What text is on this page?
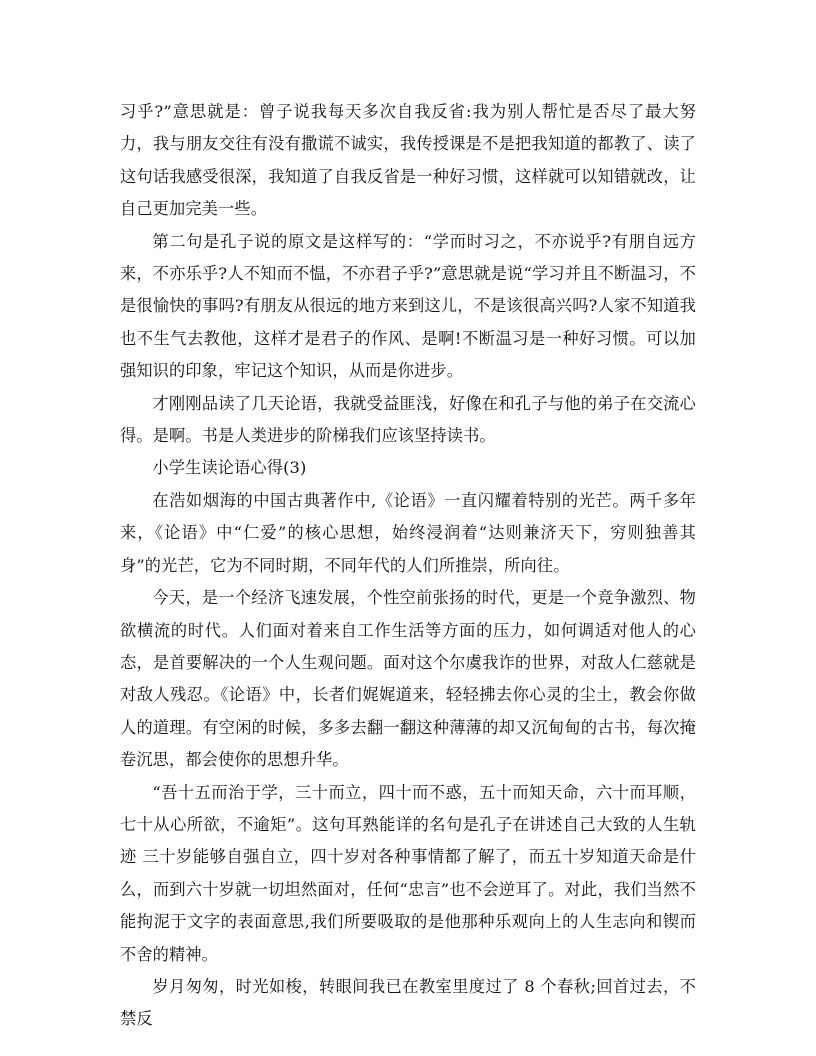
习乎?”意思就是：曾子说我每天多次自我反省:我为别人帮忙是否尽了最大努力，我与朋友交往有没有撒谎不诚实，我传授课是不是把我知道的都教了、读了这句话我感受很深，我知道了自我反省是一种好习惯，这样就可以知错就改，让自己更加完美一些。

第二句是孔子说的原文是这样写的：“学而时习之，不亦说乎?有朋自远方来，不亦乐乎?人不知而不愠，不亦君子乎?”意思就是说“学习并且不断温习，不是很愉快的事吗?有朋友从很远的地方来到这儿，不是该很高兴吗?人家不知道我也不生气去教他，这样才是君子的作风、是啊!不断温习是一种好习惯。可以加强知识的印象，牢记这个知识，从而是你进步。

才刚刚品读了几天论语，我就受益匪浅，好像在和孔子与他的弟子在交流心得。是啊。书是人类进步的阶梯我们应该坚持读书。

小学生读论语心得(3)

在浩如烟海的中国古典著作中,《论语》一直闪耀着特别的光芒。两千多年来，《论语》中“仁爱”的核心思想，始终浸润着“达则兼济天下，穷则独善其身”的光芒，它为不同时期，不同年代的人们所推崇，所向往。

今天，是一个经济飞速发展，个性空前张扬的时代，更是一个竞争激烈、物欲横流的时代。人们面对着来自工作生活等方面的压力，如何调适对他人的心态，是首要解决的一个人生观问题。面对这个尔虞我诈的世界，对敌人仁慈就是对敌人残忍。《论语》中，长者们娓娓道来，轻轻拂去你心灵的尘土，教会你做人的道理。有空闲的时候，多多去翻一翻这种薄薄的却又沉甸甸的古书，每次掩卷沉思，都会使你的思想升华。

“吾十五而治于学，三十而立，四十而不惑，五十而知天命，六十而耳顺，七十从心所欲，不逾矩”。这句耳熟能详的名句是孔子在讲述自己大致的人生轨迹 三十岁能够自强自立，四十岁对各种事情都了解了，而五十岁知道天命是什么，而到六十岁就一切坦然面对，任何“忠言”也不会逆耳了。对此，我们当然不能拘泥于文字的表面意思,我们所要吸取的是他那种乐观向上的人生志向和锲而不舍的精神。

岁月匆匆，时光如梭，转眼间我已在教室里度过了 8 个春秋;回首过去，不禁反
